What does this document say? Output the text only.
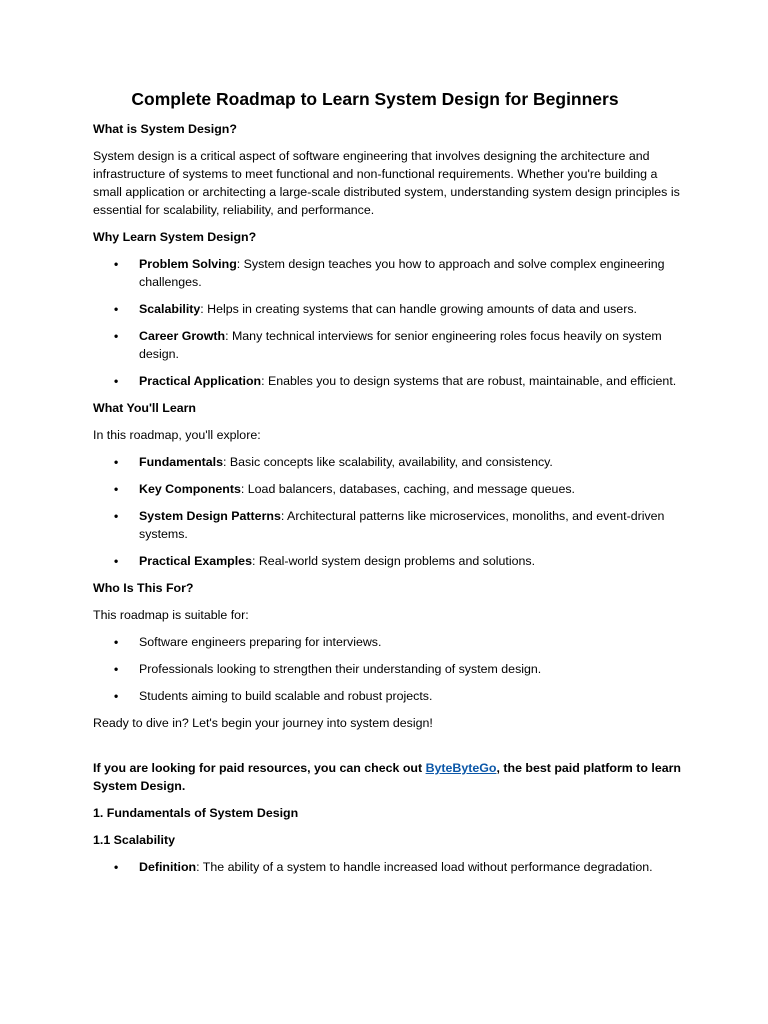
Complete Roadmap to Learn System Design for Beginners
What is System Design?

System design is a critical aspect of software engineering that involves designing the architecture and infrastructure of systems to meet functional and non-functional requirements. Whether you're building a small application or architecting a large-scale distributed system, understanding system design principles is essential for scalability, reliability, and performance.

Why Learn System Design?
• Problem Solving: System design teaches you how to approach and solve complex engineering challenges.
• Scalability: Helps in creating systems that can handle growing amounts of data and users.
• Career Growth: Many technical interviews for senior engineering roles focus heavily on system design.
• Practical Application: Enables you to design systems that are robust, maintainable, and efficient.
What You'll Learn

In this roadmap, you'll explore:

• Fundamentals: Basic concepts like scalability, availability, and consistency.
• Key Components: Load balancers, databases, caching, and message queues.
• System Design Patterns: Architectural patterns like microservices, monoliths, and event-driven systems.
• Practical Examples: Real-world system design problems and solutions.
Who Is This For?

This roadmap is suitable for:

• Software engineers preparing for interviews.
• Professionals looking to strengthen their understanding of system design.
• Students aiming to build scalable and robust projects.

Ready to dive in? Let's begin your journey into system design!

If you are looking for paid resources, you can check out ByteByteGo, the best paid platform to learn System Design.

1. Fundamentals of System Design
1.1 Scalability
• Definition: The ability of a system to handle increased load without performance degradation.
